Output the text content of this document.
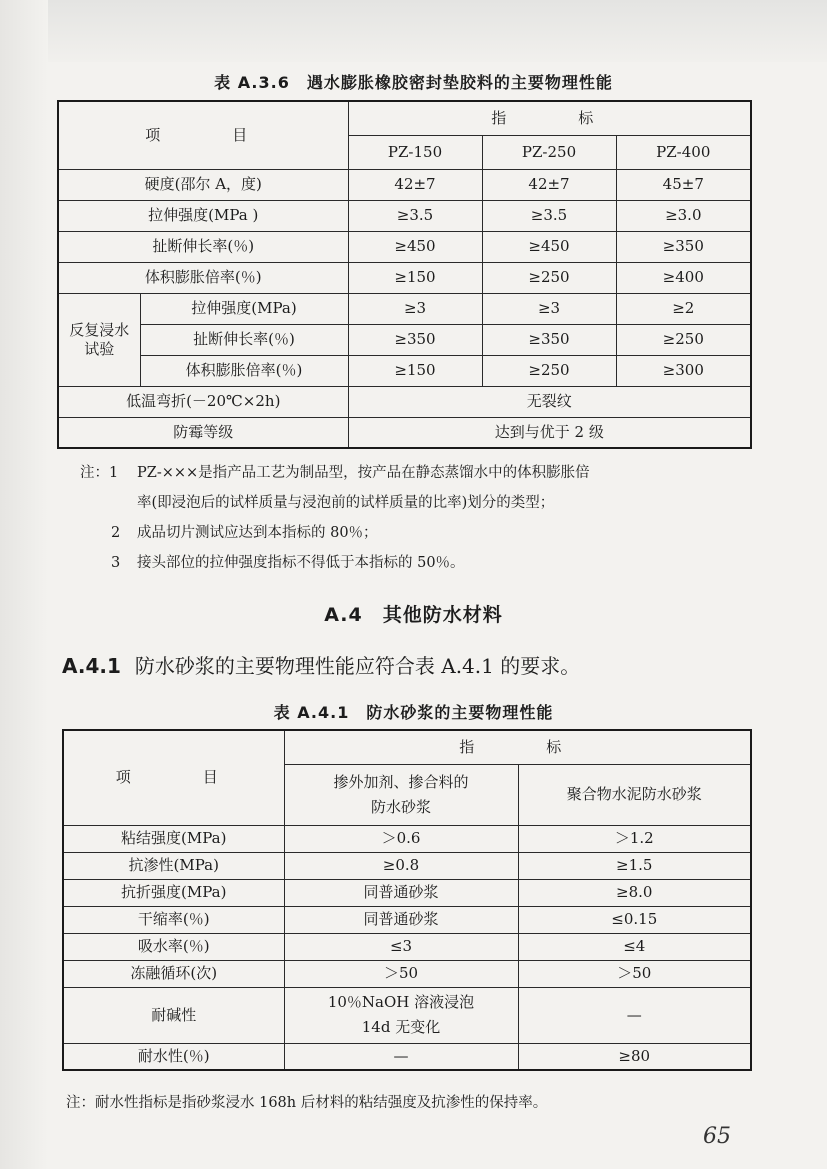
表 A.3.6　遇水膨胀橡胶密封垫胶料的主要物理性能
项　　目		指　　标		
		PZ-150	PZ-250	PZ-400
硬度(邵尔 A，度)		42±7	42±7	45±7
拉伸强度(MPa )		≥3.5	≥3.5	≥3.0
扯断伸长率(％)		≥450	≥450	≥350
体积膨胀倍率(％)		≥150	≥250	≥400

反复浸水
试验	拉伸强度(MPa)	≥3	≥3	≥2
	扯断伸长率(％)	≥350	≥350	≥250
	体积膨胀倍率(％)	≥150	≥250	≥300
低温弯折(－20℃×2h)		无裂纹		
防霉等级		达到与优于 2 级		
注：1 PZ-×××是指产品工艺为制品型，按产品在静态蒸馏水中的体积膨胀倍
率(即浸泡后的试样质量与浸泡前的试样质量的比率)划分的类型；
2 成品切片测试应达到本指标的 80％；
3 接头部位的拉伸强度指标不得低于本指标的 50％。
A.4 其他防水材料
A.4.1 防水砂浆的主要物理性能应符合表 A.4.1 的要求。
表 A.4.1　防水砂浆的主要物理性能
项　　目	指　　标	

	掺外加剂、掺合料的
防水砂浆	聚合物水泥防水砂浆
粘结强度(MPa)	＞0.6	＞1.2
抗渗性(MPa)	≥0.8	≥1.5
抗折强度(MPa)	同普通砂浆	≥8.0
干缩率(％)	同普通砂浆	≤0.15
吸水率(％)	≤3	≤4
冻融循环(次)	＞50	＞50
耐碱性	10％NaOH 溶液浸泡
14d 无变化	—
耐水性(％)	—	≥80
注：耐水性指标是指砂浆浸水 168h 后材料的粘结强度及抗渗性的保持率。
65
